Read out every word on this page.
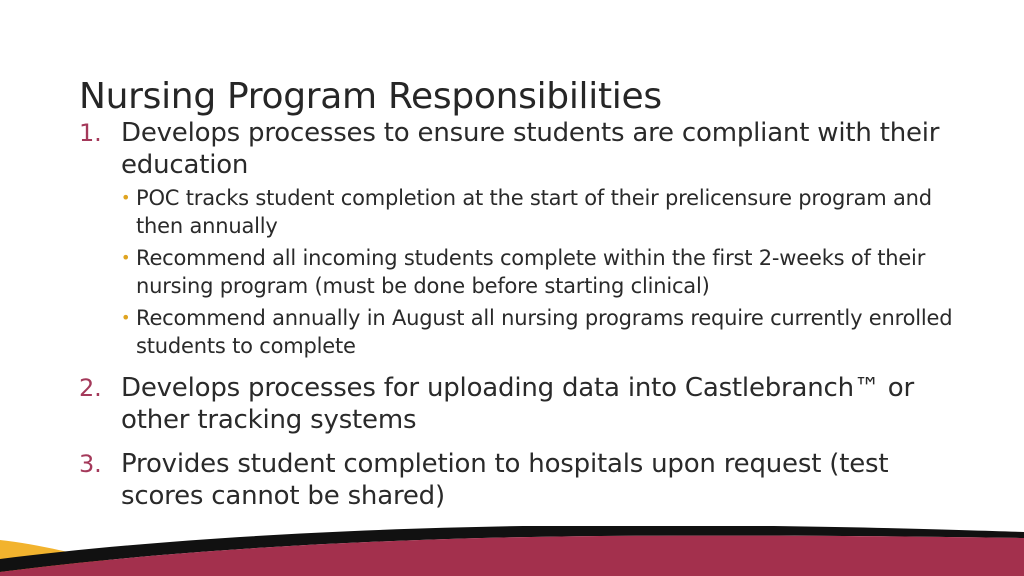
Nursing Program Responsibilities
1. Develops processes to ensure students are compliant with their education
• POC tracks student completion at the start of their prelicensure program and then annually
• Recommend all incoming students complete within the first 2-weeks of their nursing program (must be done before starting clinical)
• Recommend annually in August all nursing programs require currently enrolled students to complete
2. Develops processes for uploading data into Castlebranch™ or other tracking systems
3. Provides student completion to hospitals upon request (test scores cannot be shared)
